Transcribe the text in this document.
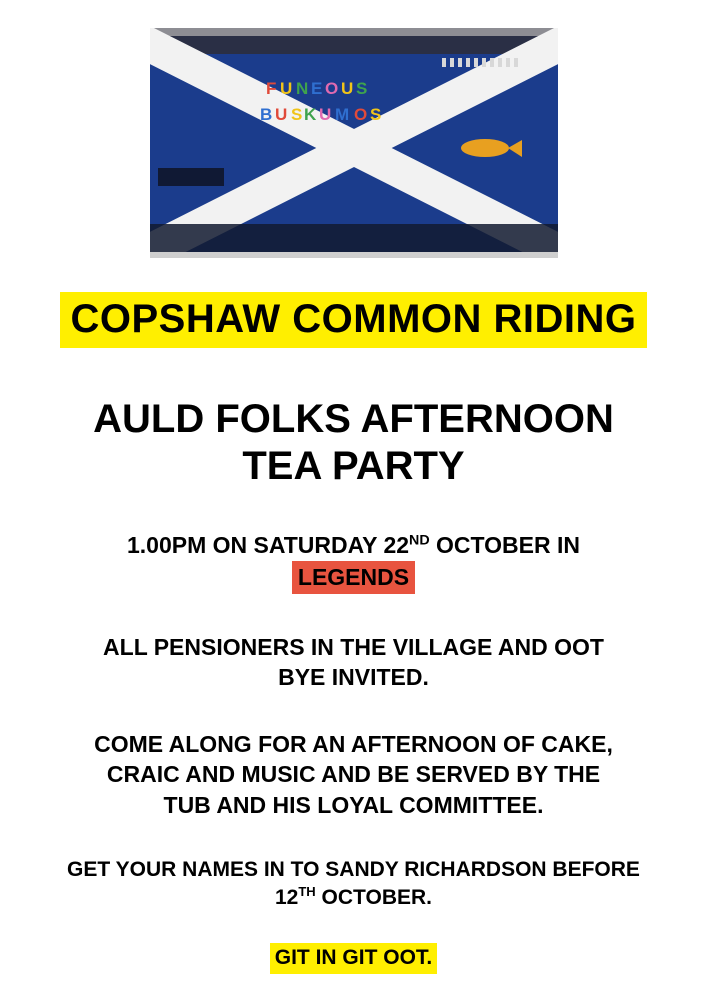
F U N E O U S
B U S K U M O S
COPSHAW COMMON RIDING
AULD FOLKS AFTERNOON
TEA PARTY
1.00PM ON SATURDAY 22ND OCTOBER IN
LEGENDS
ALL PENSIONERS IN THE VILLAGE AND OOT
BYE INVITED.
COME ALONG FOR AN AFTERNOON OF CAKE,
CRAIC AND MUSIC AND BE SERVED BY THE
TUB AND HIS LOYAL COMMITTEE.
GET YOUR NAMES IN TO SANDY RICHARDSON BEFORE
12TH OCTOBER.
GIT IN GIT OOT.
